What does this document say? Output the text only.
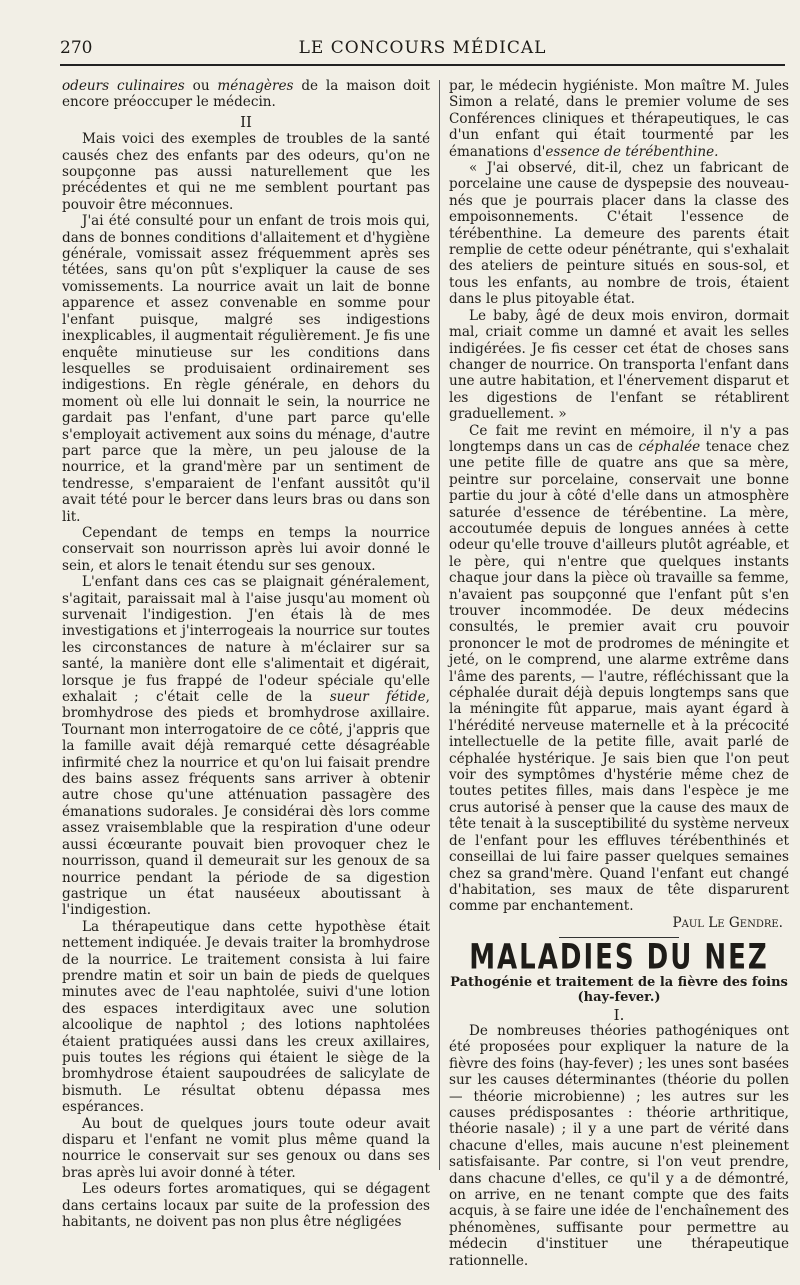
270	LE CONCOURS MÉDICAL

odeurs culinaires ou ménagères de la maison doit encore préoccuper le médecin.

II

Mais voici des exemples de troubles de la santé causés chez des enfants par des odeurs, qu'on ne soupçonne pas aussi naturellement que les précédentes et qui ne me semblent pourtant pas pouvoir être méconnues.

J'ai été consulté pour un enfant de trois mois qui, dans de bonnes conditions d'allaitement et d'hygiène générale, vomissait assez fréquemment après ses tétées, sans qu'on pût s'expliquer la cause de ses vomissements. La nourrice avait un lait de bonne apparence et assez convenable en somme pour l'enfant puisque, malgré ses indigestions inexplicables, il augmentait régulièrement. Je fis une enquête minutieuse sur les conditions dans lesquelles se produisaient ordinairement ses indigestions. En règle générale, en dehors du moment où elle lui donnait le sein, la nourrice ne gardait pas l'enfant, d'une part parce qu'elle s'employait activement aux soins du ménage, d'autre part parce que la mère, un peu jalouse de la nourrice, et la grand'mère par un sentiment de tendresse, s'emparaient de l'enfant aussitôt qu'il avait tété pour le bercer dans leurs bras ou dans son lit.

Cependant de temps en temps la nourrice conservait son nourrisson après lui avoir donné le sein, et alors le tenait étendu sur ses genoux.

L'enfant dans ces cas se plaignait généralement, s'agitait, paraissait mal à l'aise jusqu'au moment où survenait l'indigestion. J'en étais là de mes investigations et j'interrogeais la nourrice sur toutes les circonstances de nature à m'éclairer sur sa santé, la manière dont elle s'alimentait et digérait, lorsque je fus frappé de l'odeur spéciale qu'elle exhalait ; c'était celle de la sueur fétide, bromhydrose des pieds et bromhydrose axillaire. Tournant mon interrogatoire de ce côté, j'appris que la famille avait déjà remarqué cette désagréable infirmité chez la nourrice et qu'on lui faisait prendre des bains assez fréquents sans arriver à obtenir autre chose qu'une atténuation passagère des émanations sudorales. Je considérai dès lors comme assez vraisemblable que la respiration d'une odeur aussi écœurante pouvait bien provoquer chez le nourrisson, quand il demeurait sur les genoux de sa nourrice pendant la période de sa digestion gastrique un état nauséeux aboutissant à l'indigestion.

La thérapeutique dans cette hypothèse était nettement indiquée. Je devais traiter la bromhydrose de la nourrice. Le traitement consista à lui faire prendre matin et soir un bain de pieds de quelques minutes avec de l'eau naphtolée, suivi d'une lotion des espaces interdigitaux avec une solution alcoolique de naphtol ; des lotions naphtolées étaient pratiquées aussi dans les creux axillaires, puis toutes les régions qui étaient le siège de la bromhydrose étaient saupoudrées de salicylate de bismuth. Le résultat obtenu dépassa mes espérances.

Au bout de quelques jours toute odeur avait disparu et l'enfant ne vomit plus même quand la nourrice le conservait sur ses genoux ou dans ses bras après lui avoir donné à téter.

Les odeurs fortes aromatiques, qui se dégagent dans certains locaux par suite de la profession des habitants, ne doivent pas non plus être négligées

par, le médecin hygiéniste. Mon maître M. Jules Simon a relaté, dans le premier volume de ses Conférences cliniques et thérapeutiques, le cas d'un enfant qui était tourmenté par les émanations d'essence de térébenthine.

« J'ai observé, dit-il, chez un fabricant de porcelaine une cause de dyspepsie des nouveau-nés que je pourrais placer dans la classe des empoisonnements. C'était l'essence de térébenthine. La demeure des parents était remplie de cette odeur pénétrante, qui s'exhalait des ateliers de peinture situés en sous-sol, et tous les enfants, au nombre de trois, étaient dans le plus pitoyable état.

Le baby, âgé de deux mois environ, dormait mal, criait comme un damné et avait les selles indigérées. Je fis cesser cet état de choses sans changer de nourrice. On transporta l'enfant dans une autre habitation, et l'énervement disparut et les digestions de l'enfant se rétablirent graduellement. »

Ce fait me revint en mémoire, il n'y a pas longtemps dans un cas de céphalée tenace chez une petite fille de quatre ans que sa mère, peintre sur porcelaine, conservait une bonne partie du jour à côté d'elle dans un atmosphère saturée d'essence de térébentine. La mère, accoutumée depuis de longues années à cette odeur qu'elle trouve d'ailleurs plutôt agréable, et le père, qui n'entre que quelques instants chaque jour dans la pièce où travaille sa femme, n'avaient pas soupçonné que l'enfant pût s'en trouver incommodée. De deux médecins consultés, le premier avait cru pouvoir prononcer le mot de prodromes de méningite et jeté, on le comprend, une alarme extrême dans l'âme des parents, — l'autre, réfléchissant que la céphalée durait déjà depuis longtemps sans que la méningite fût apparue, mais ayant égard à l'hérédité nerveuse maternelle et à la précocité intellectuelle de la petite fille, avait parlé de céphalée hystérique. Je sais bien que l'on peut voir des symptômes d'hystérie même chez de toutes petites filles, mais dans l'espèce je me crus autorisé à penser que la cause des maux de tête tenait à la susceptibilité du système nerveux de l'enfant pour les effluves térébenthinés et conseillai de lui faire passer quelques semaines chez sa grand'mère. Quand l'enfant eut changé d'habitation, ses maux de tête disparurent comme par enchantement.

Paul Le Gendre.
MALADIES DU NEZ
Pathogénie et traitement de la fièvre des foins
(hay-fever.)
I.

De nombreuses théories pathogéniques ont été proposées pour expliquer la nature de la fièvre des foins (hay-fever) ; les unes sont basées sur les causes déterminantes (théorie du pollen — théorie microbienne) ; les autres sur les causes prédisposantes : théorie arthritique, théorie nasale) ; il y a une part de vérité dans chacune d'elles, mais aucune n'est pleinement satisfaisante. Par contre, si l'on veut prendre, dans chacune d'elles, ce qu'il y a de démontré, on arrive, en ne tenant compte que des faits acquis, à se faire une idée de l'enchaînement des phénomènes, suffisante pour permettre au médecin d'instituer une thérapeutique rationnelle.
